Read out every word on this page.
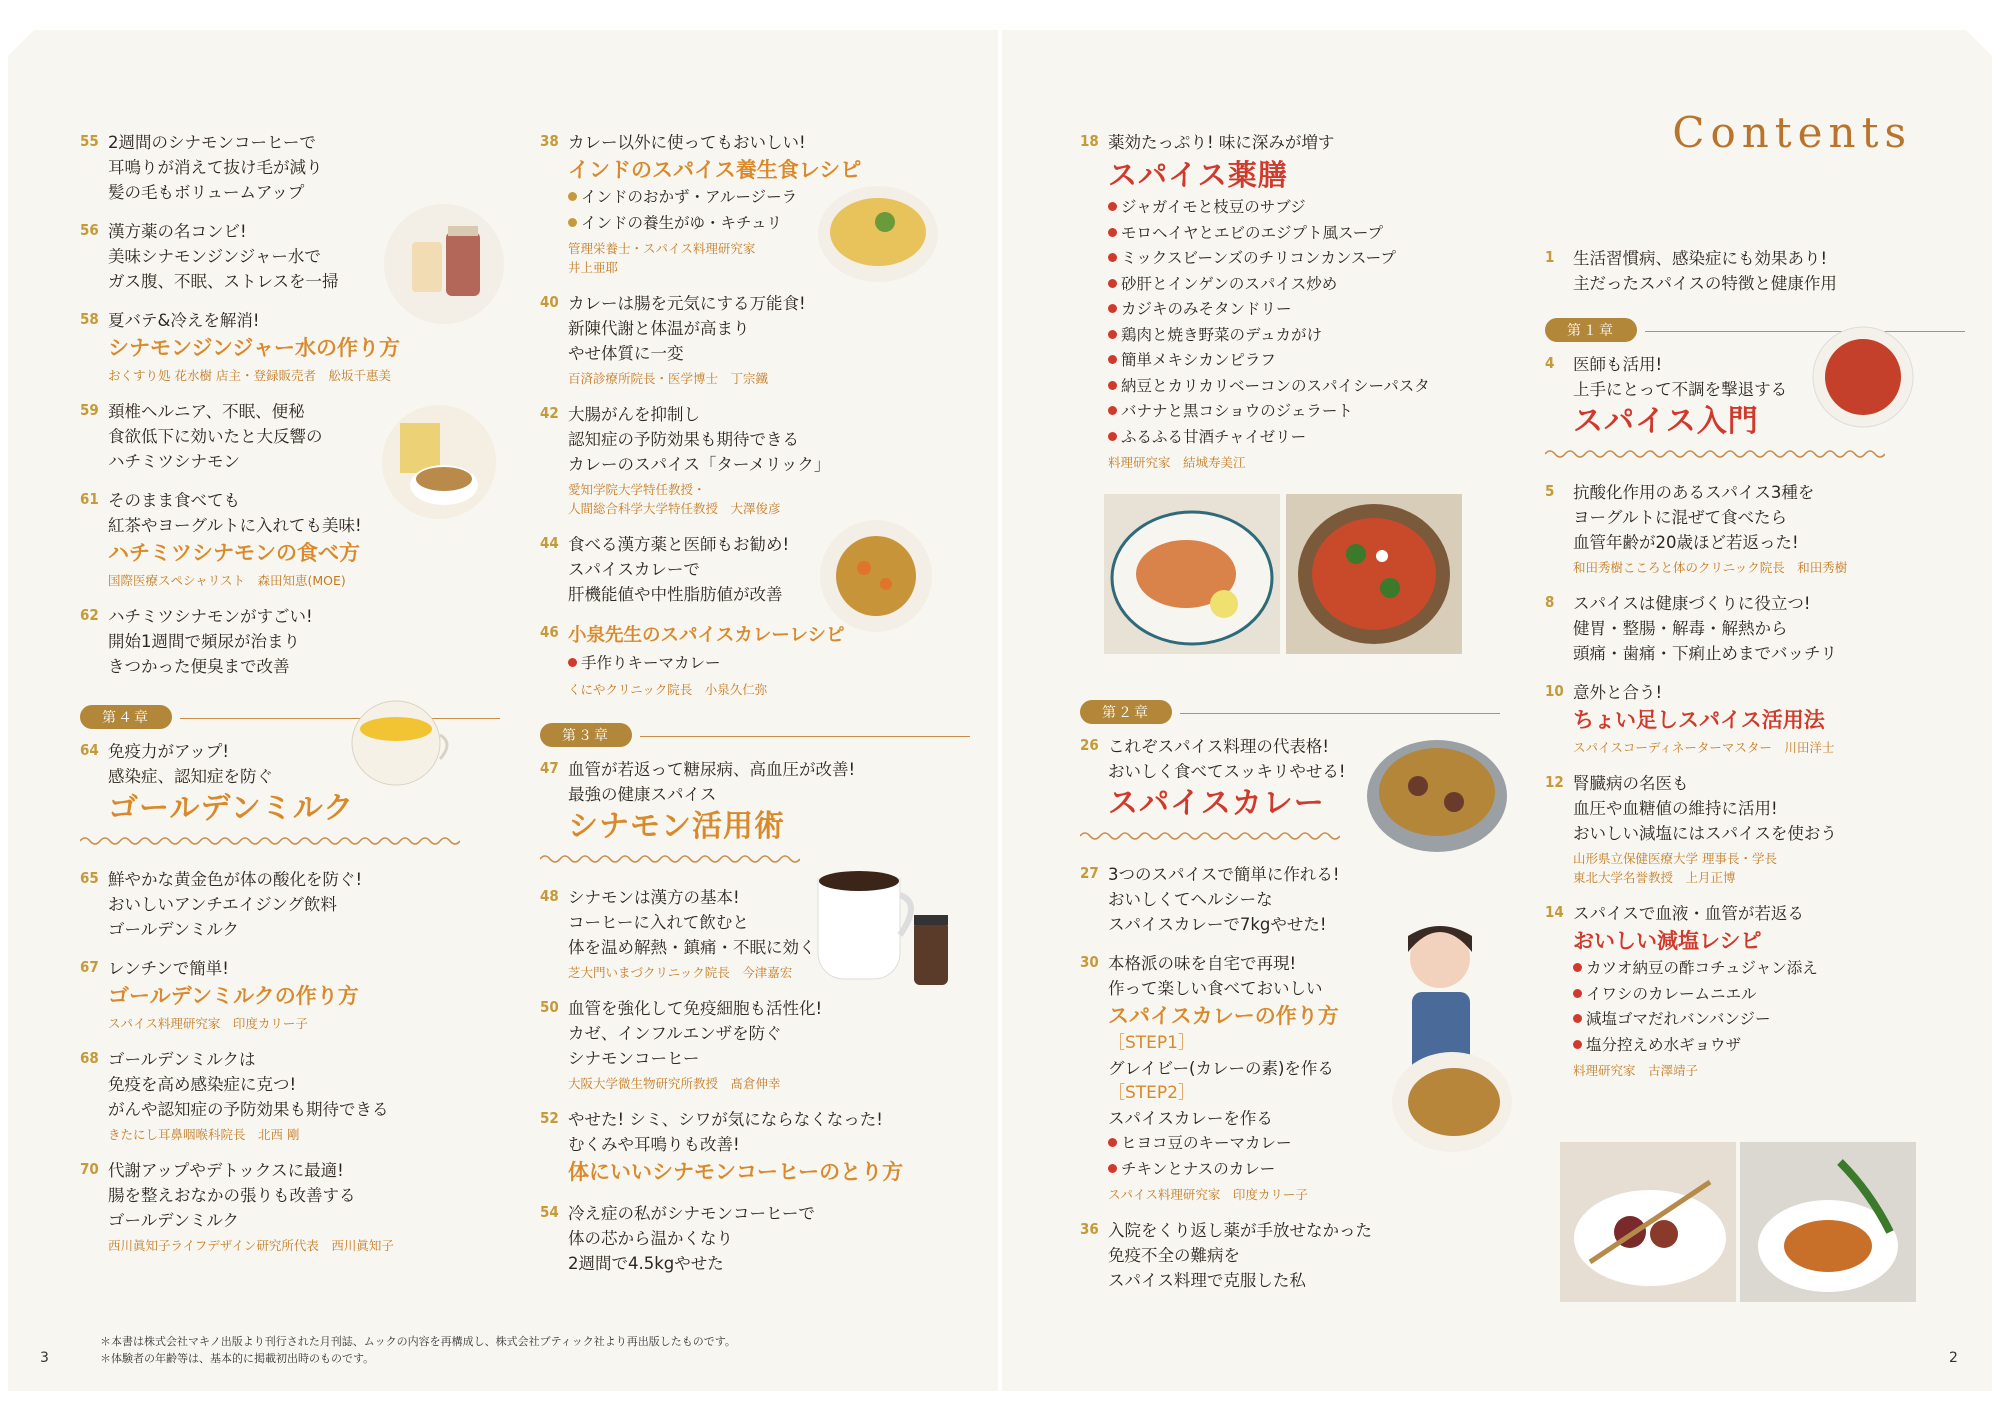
55 2週間のシナモンコーヒーで
耳鳴りが消えて抜け毛が減り
髪の毛もボリュームアップ
56 漢方薬の名コンビ!
美味シナモンジンジャー水で
ガス腹、不眠、ストレスを一掃
58 夏バテ&冷えを解消!
シナモンジンジャー水の作り方
おくすり処 花水樹 店主・登録販売者　舩坂千惠美
59 頚椎ヘルニア、不眠、便秘
食欲低下に効いたと大反響の
ハチミツシナモン
61 そのまま食べても
紅茶やヨーグルトに入れても美味!
ハチミツシナモンの食べ方
国際医療スペシャリスト　森田知恵(MOE)
62 ハチミツシナモンがすごい!
開始1週間で頻尿が治まり
きつかった便臭まで改善
第４章
64 免疫力がアップ!
感染症、認知症を防ぐ
ゴールデンミルク
65 鮮やかな黄金色が体の酸化を防ぐ!
おいしいアンチエイジング飲料
ゴールデンミルク
67 レンチンで簡単!
ゴールデンミルクの作り方
スパイス料理研究家　印度カリー子
68 ゴールデンミルクは
免疫を高め感染症に克つ!
がんや認知症の予防効果も期待できる
きたにし耳鼻咽喉科院長　北西 剛
70 代謝アップやデトックスに最適!
腸を整えおなかの張りも改善する
ゴールデンミルク
西川眞知子ライフデザイン研究所代表　西川眞知子
38 カレー以外に使ってもおいしい!
インドのスパイス養生食レシピ
インドのおかず・アルージーラ
インドの養生がゆ・キチュリ
管理栄養士・スパイス料理研究家
井上亜耶
40 カレーは腸を元気にする万能食!
新陳代謝と体温が高まり
やせ体質に一変
百済診療所院長・医学博士　丁宗鐵
42 大腸がんを抑制し
認知症の予防効果も期待できる
カレーのスパイス「ターメリック」
愛知学院大学特任教授・
人間総合科学大学特任教授　大澤俊彦
44 食べる漢方薬と医師もお勧め!
スパイスカレーで
肝機能値や中性脂肪値が改善
46 小泉先生のスパイスカレーレシピ
手作りキーマカレー
くにやクリニック院長　小泉久仁弥
第３章
47 血管が若返って糖尿病、高血圧が改善!
最強の健康スパイス
シナモン活用術
48 シナモンは漢方の基本!
コーヒーに入れて飲むと
体を温め解熱・鎮痛・不眠に効く
芝大門いまづクリニック院長　今津嘉宏
50 血管を強化して免疫細胞も活性化!
カゼ、インフルエンザを防ぐ
シナモンコーヒー
大阪大学微生物研究所教授　髙倉伸幸
52 やせた! シミ、シワが気にならなくなった!
むくみや耳鳴りも改善!
体にいいシナモンコーヒーのとり方
54 冷え症の私がシナモンコーヒーで
体の芯から温かくなり
2週間で4.5kgやせた
18 薬効たっぷり! 味に深みが増す
スパイス薬膳
ジャガイモと枝豆のサブジ
モロヘイヤとエビのエジプト風スープ
ミックスビーンズのチリコンカンスープ
砂肝とインゲンのスパイス炒め
カジキのみそタンドリー
鶏肉と焼き野菜のデュカがけ
簡単メキシカンピラフ
納豆とカリカリベーコンのスパイシーパスタ
バナナと黒コショウのジェラート
ふるふる甘酒チャイゼリー
料理研究家　結城寿美江
第２章
26 これぞスパイス料理の代表格!
おいしく食べてスッキリやせる!
スパイスカレー
27 3つのスパイスで簡単に作れる!
おいしくてヘルシーな
スパイスカレーで7kgやせた!
30 本格派の味を自宅で再現!
作って楽しい食べておいしい
スパイスカレーの作り方
［STEP1］
グレイビー(カレーの素)を作る
［STEP2］
スパイスカレーを作る
ヒヨコ豆のキーマカレー
チキンとナスのカレー
スパイス料理研究家　印度カリー子
36 入院をくり返し薬が手放せなかった
免疫不全の難病を
スパイス料理で克服した私
Contents
1 生活習慣病、感染症にも効果あり!
主だったスパイスの特徴と健康作用
第１章
4 医師も活用!
上手にとって不調を撃退する
スパイス入門
5 抗酸化作用のあるスパイス3種を
ヨーグルトに混ぜて食べたら
血管年齢が20歳ほど若返った!
和田秀樹こころと体のクリニック院長　和田秀樹
8 スパイスは健康づくりに役立つ!
健胃・整腸・解毒・解熱から
頭痛・歯痛・下痢止めまでバッチリ
10 意外と合う!
ちょい足しスパイス活用法
スパイスコーディネーターマスター　川田洋士
12 腎臓病の名医も
血圧や血糖値の維持に活用!
おいしい減塩にはスパイスを使おう
山形県立保健医療大学 理事長・学長
東北大学名誉教授　上月正博
14 スパイスで血液・血管が若返る
おいしい減塩レシピ
カツオ納豆の酢コチュジャン添え
イワシのカレームニエル
減塩ゴマだれバンバンジー
塩分控えめ水ギョウザ
料理研究家　古澤靖子
＊本書は株式会社マキノ出版より刊行された月刊誌、ムックの内容を再構成し、株式会社ブティック社より再出版したものです。
＊体験者の年齢等は、基本的に掲載初出時のものです。
3	2
